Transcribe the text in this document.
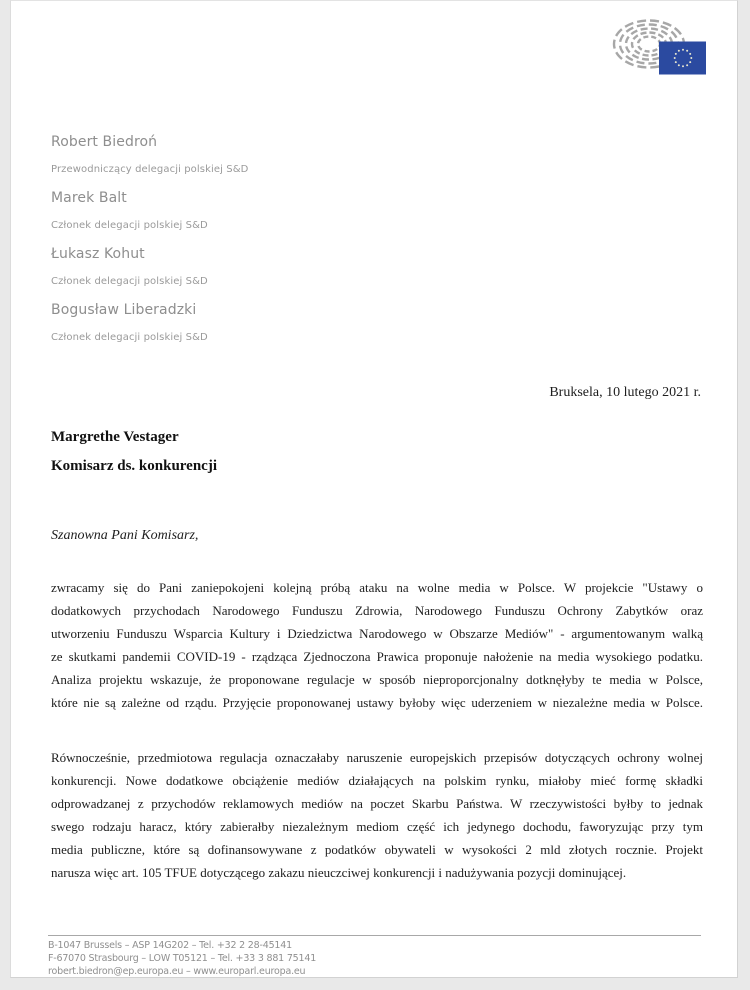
Robert Biedroń
Przewodniczący delegacji polskiej S&D
Marek Balt
Członek delegacji polskiej S&D
Łukasz Kohut
Członek delegacji polskiej S&D
Bogusław Liberadzki
Członek delegacji polskiej S&D
Bruksela, 10 lutego 2021 r.
Margrethe Vestager
Komisarz ds. konkurencji
Szanowna Pani Komisarz,
zwracamy się do Pani zaniepokojeni kolejną próbą ataku na wolne media w Polsce. W projekcie "Ustawy o
dodatkowych przychodach Narodowego Funduszu Zdrowia, Narodowego Funduszu Ochrony Zabytków oraz
utworzeniu Funduszu Wsparcia Kultury i Dziedzictwa Narodowego w Obszarze Mediów" - argumentowanym walką
ze skutkami pandemii COVID-19 - rządząca Zjednoczona Prawica proponuje nałożenie na media wysokiego podatku.
Analiza projektu wskazuje, że proponowane regulacje w sposób nieproporcjonalny dotknęłyby te media w Polsce,
które nie są zależne od rządu. Przyjęcie proponowanej ustawy byłoby więc uderzeniem w niezależne media w Polsce.
Równocześnie, przedmiotowa regulacja oznaczałaby naruszenie europejskich przepisów dotyczących ochrony wolnej
konkurencji. Nowe dodatkowe obciążenie mediów działających na polskim rynku, miałoby mieć formę składki
odprowadzanej z przychodów reklamowych mediów na poczet Skarbu Państwa. W rzeczywistości byłby to jednak
swego rodzaju haracz, który zabierałby niezależnym mediom część ich jedynego dochodu, faworyzując przy tym
media publiczne, które są dofinansowywane z podatków obywateli w wysokości 2 mld złotych rocznie. Projekt
narusza więc art. 105 TFUE dotyczącego zakazu nieuczciwej konkurencji i nadużywania pozycji dominującej.
B-1047 Brussels – ASP 14G202 – Tel. +32 2 28-45141
F-67070 Strasbourg – LOW T05121 – Tel. +33 3 881 75141
robert.biedron@ep.europa.eu – www.europarl.europa.eu
